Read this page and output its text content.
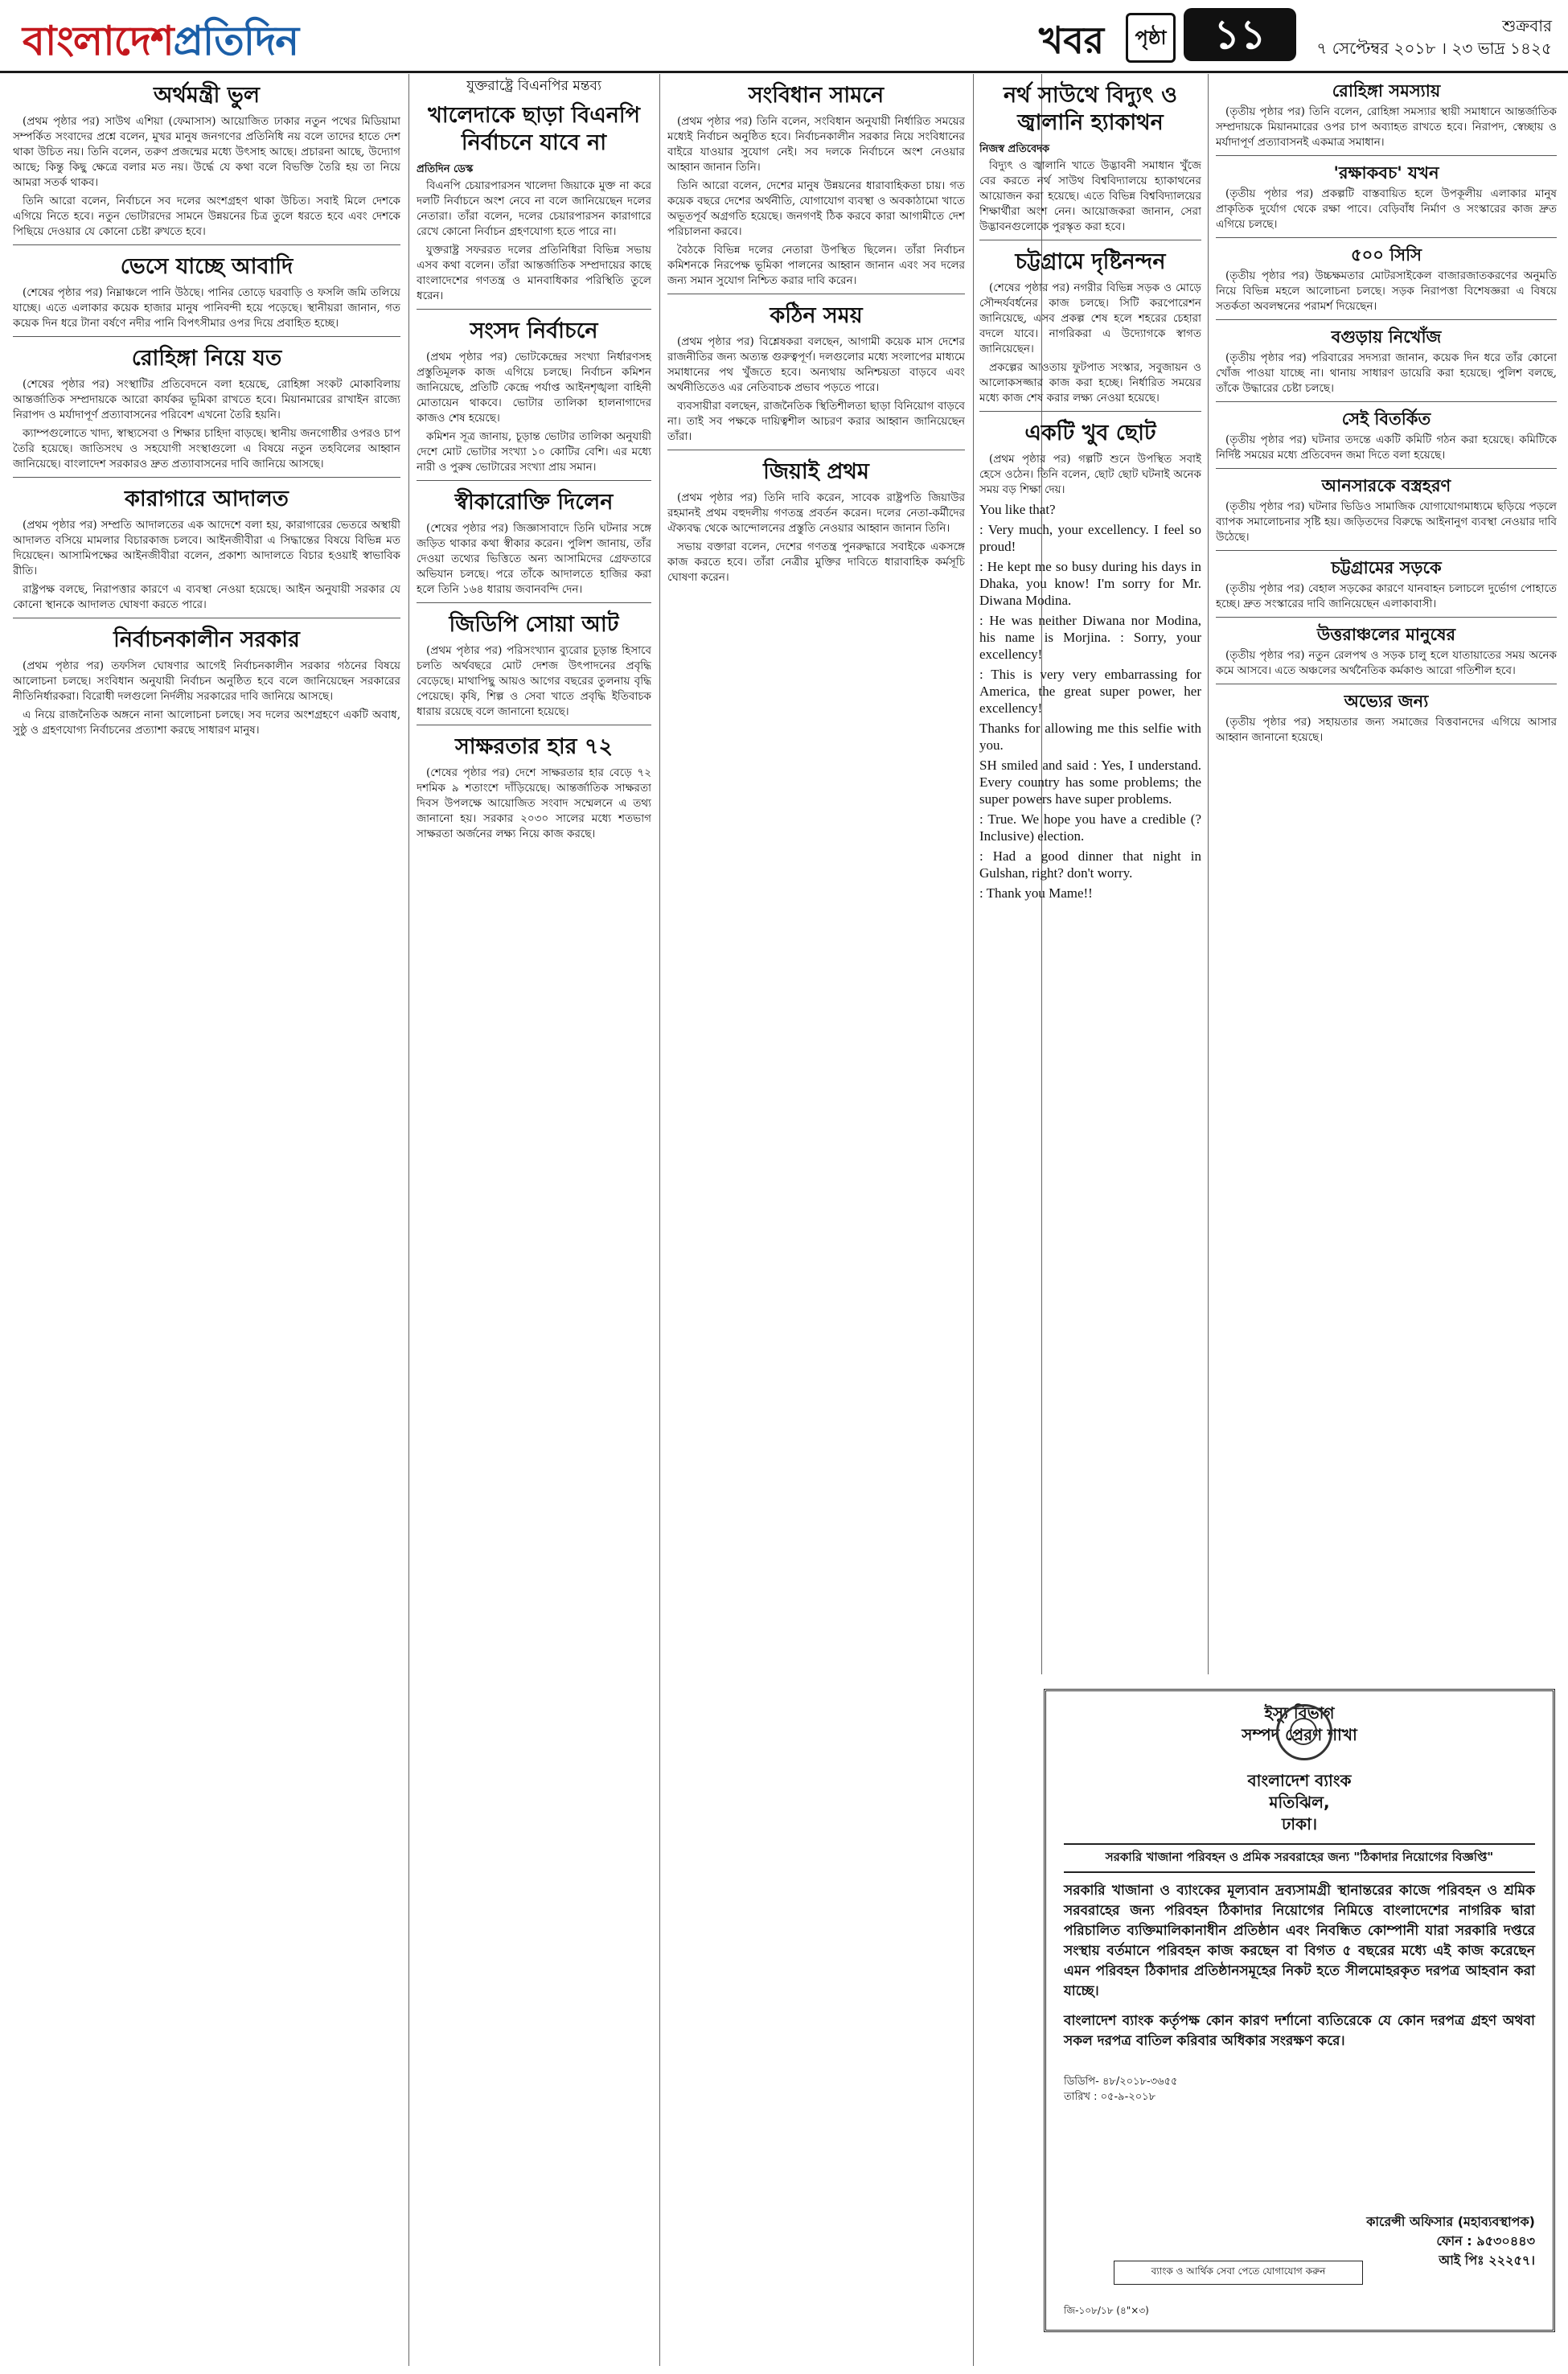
বাংলাদেশপ্রতিদিন	খবর	পৃষ্ঠা	১১	শুক্রবার
৭ সেপ্টেম্বর ২০১৮ । ২৩ ভাদ্র ১৪২৫
অর্থমন্ত্রী ভুল

(প্রথম পৃষ্ঠার পর) সাউথ এশিয়া (ফেমাসাস) আয়োজিত ঢাকার নতুন পথের মিডিয়ামা সম্পর্কিত সংবাদের প্রশ্নে বলেন, মুখর মানুষ জনগণের প্রতিনিধি নয় বলে তাদের হাতে দেশ থাকা উচিত নয়। তিনি বলেন, তরুণ প্রজন্মের মধ্যে উৎসাহ আছে। প্রচারনা আছে, উদ্যোগ আছে; কিন্তু কিছু ক্ষেত্রে বলার মত নয়। উর্দ্ধে যে কথা বলে বিভক্তি তৈরি হয় তা নিয়ে আমরা সতর্ক থাকব।

তিনি আরো বলেন, নির্বাচনে সব দলের অংশগ্রহণ থাকা উচিত। সবাই মিলে দেশকে এগিয়ে নিতে হবে। নতুন ভোটারদের সামনে উন্নয়নের চিত্র তুলে ধরতে হবে এবং দেশকে পিছিয়ে দেওয়ার যে কোনো চেষ্টা রুখতে হবে।

ভেসে যাচ্ছে আবাদি

(শেষের পৃষ্ঠার পর) নিম্নাঞ্চলে পানি উঠছে। পানির তোড়ে ঘরবাড়ি ও ফসলি জমি তলিয়ে যাচ্ছে। এতে এলাকার কয়েক হাজার মানুষ পানিবন্দী হয়ে পড়েছে। স্থানীয়রা জানান, গত কয়েক দিন ধরে টানা বর্ষণে নদীর পানি বিপৎসীমার ওপর দিয়ে প্রবাহিত হচ্ছে।

রোহিঙ্গা নিয়ে যত

(শেষের পৃষ্ঠার পর) সংস্থাটির প্রতিবেদনে বলা হয়েছে, রোহিঙ্গা সংকট মোকাবিলায় আন্তর্জাতিক সম্প্রদায়কে আরো কার্যকর ভূমিকা রাখতে হবে। মিয়ানমারের রাখাইন রাজ্যে নিরাপদ ও মর্যাদাপূর্ণ প্রত্যাবাসনের পরিবেশ এখনো তৈরি হয়নি।

ক্যাম্পগুলোতে খাদ্য, স্বাস্থ্যসেবা ও শিক্ষার চাহিদা বাড়ছে। স্থানীয় জনগোষ্ঠীর ওপরও চাপ তৈরি হয়েছে। জাতিসংঘ ও সহযোগী সংস্থাগুলো এ বিষয়ে নতুন তহবিলের আহ্বান জানিয়েছে। বাংলাদেশ সরকারও দ্রুত প্রত্যাবাসনের দাবি জানিয়ে আসছে।

কারাগারে আদালত

(প্রথম পৃষ্ঠার পর) সম্প্রতি আদালতের এক আদেশে বলা হয়, কারাগারের ভেতরে অস্থায়ী আদালত বসিয়ে মামলার বিচারকাজ চলবে। আইনজীবীরা এ সিদ্ধান্তের বিষয়ে বিভিন্ন মত দিয়েছেন। আসামিপক্ষের আইনজীবীরা বলেন, প্রকাশ্য আদালতে বিচার হওয়াই স্বাভাবিক রীতি।

রাষ্ট্রপক্ষ বলছে, নিরাপত্তার কারণে এ ব্যবস্থা নেওয়া হয়েছে। আইন অনুযায়ী সরকার যে কোনো স্থানকে আদালত ঘোষণা করতে পারে।

নির্বাচনকালীন সরকার

(প্রথম পৃষ্ঠার পর) তফসিল ঘোষণার আগেই নির্বাচনকালীন সরকার গঠনের বিষয়ে আলোচনা চলছে। সংবিধান অনুযায়ী নির্বাচন অনুষ্ঠিত হবে বলে জানিয়েছেন সরকারের নীতিনির্ধারকরা। বিরোধী দলগুলো নির্দলীয় সরকারের দাবি জানিয়ে আসছে।

এ নিয়ে রাজনৈতিক অঙ্গনে নানা আলোচনা চলছে। সব দলের অংশগ্রহণে একটি অবাধ, সুষ্ঠু ও গ্রহণযোগ্য নির্বাচনের প্রত্যাশা করছে সাধারণ মানুষ।

যুক্তরাষ্ট্রে বিএনপির মন্তব্য
খালেদাকে ছাড়া বিএনপি নির্বাচনে যাবে না
প্রতিদিন ডেস্ক

বিএনপি চেয়ারপারসন খালেদা জিয়াকে মুক্ত না করে দলটি নির্বাচনে অংশ নেবে না বলে জানিয়েছেন দলের নেতারা। তাঁরা বলেন, দলের চেয়ারপারসন কারাগারে রেখে কোনো নির্বাচন গ্রহণযোগ্য হতে পারে না।

যুক্তরাষ্ট্র সফররত দলের প্রতিনিধিরা বিভিন্ন সভায় এসব কথা বলেন। তাঁরা আন্তর্জাতিক সম্প্রদায়ের কাছে বাংলাদেশের গণতন্ত্র ও মানবাধিকার পরিস্থিতি তুলে ধরেন।

সংসদ নির্বাচনে

(প্রথম পৃষ্ঠার পর) ভোটকেন্দ্রের সংখ্যা নির্ধারণসহ প্রস্তুতিমূলক কাজ এগিয়ে চলছে। নির্বাচন কমিশন জানিয়েছে, প্রতিটি কেন্দ্রে পর্যাপ্ত আইনশৃঙ্খলা বাহিনী মোতায়েন থাকবে। ভোটার তালিকা হালনাগাদের কাজও শেষ হয়েছে।

কমিশন সূত্র জানায়, চূড়ান্ত ভোটার তালিকা অনুযায়ী দেশে মোট ভোটার সংখ্যা ১০ কোটির বেশি। এর মধ্যে নারী ও পুরুষ ভোটারের সংখ্যা প্রায় সমান।

স্বীকারোক্তি দিলেন

(শেষের পৃষ্ঠার পর) জিজ্ঞাসাবাদে তিনি ঘটনার সঙ্গে জড়িত থাকার কথা স্বীকার করেন। পুলিশ জানায়, তাঁর দেওয়া তথ্যের ভিত্তিতে অন্য আসামিদের গ্রেফতারে অভিযান চলছে। পরে তাঁকে আদালতে হাজির করা হলে তিনি ১৬৪ ধারায় জবানবন্দি দেন।

জিডিপি সোয়া আট

(প্রথম পৃষ্ঠার পর) পরিসংখ্যান ব্যুরোর চূড়ান্ত হিসাবে চলতি অর্থবছরে মোট দেশজ উৎপাদনের প্রবৃদ্ধি বেড়েছে। মাথাপিছু আয়ও আগের বছরের তুলনায় বৃদ্ধি পেয়েছে। কৃষি, শিল্প ও সেবা খাতে প্রবৃদ্ধি ইতিবাচক ধারায় রয়েছে বলে জানানো হয়েছে।

সাক্ষরতার হার ৭২

(শেষের পৃষ্ঠার পর) দেশে সাক্ষরতার হার বেড়ে ৭২ দশমিক ৯ শতাংশে দাঁড়িয়েছে। আন্তর্জাতিক সাক্ষরতা দিবস উপলক্ষে আয়োজিত সংবাদ সম্মেলনে এ তথ্য জানানো হয়। সরকার ২০৩০ সালের মধ্যে শতভাগ সাক্ষরতা অর্জনের লক্ষ্য নিয়ে কাজ করছে।

সংবিধান সামনে

(প্রথম পৃষ্ঠার পর) তিনি বলেন, সংবিধান অনুযায়ী নির্ধারিত সময়ের মধ্যেই নির্বাচন অনুষ্ঠিত হবে। নির্বাচনকালীন সরকার নিয়ে সংবিধানের বাইরে যাওয়ার সুযোগ নেই। সব দলকে নির্বাচনে অংশ নেওয়ার আহ্বান জানান তিনি।

তিনি আরো বলেন, দেশের মানুষ উন্নয়নের ধারাবাহিকতা চায়। গত কয়েক বছরে দেশের অর্থনীতি, যোগাযোগ ব্যবস্থা ও অবকাঠামো খাতে অভূতপূর্ব অগ্রগতি হয়েছে। জনগণই ঠিক করবে কারা আগামীতে দেশ পরিচালনা করবে।

বৈঠকে বিভিন্ন দলের নেতারা উপস্থিত ছিলেন। তাঁরা নির্বাচন কমিশনকে নিরপেক্ষ ভূমিকা পালনের আহ্বান জানান এবং সব দলের জন্য সমান সুযোগ নিশ্চিত করার দাবি করেন।

কঠিন সময়

(প্রথম পৃষ্ঠার পর) বিশ্লেষকরা বলছেন, আগামী কয়েক মাস দেশের রাজনীতির জন্য অত্যন্ত গুরুত্বপূর্ণ। দলগুলোর মধ্যে সংলাপের মাধ্যমে সমাধানের পথ খুঁজতে হবে। অন্যথায় অনিশ্চয়তা বাড়বে এবং অর্থনীতিতেও এর নেতিবাচক প্রভাব পড়তে পারে।

ব্যবসায়ীরা বলছেন, রাজনৈতিক স্থিতিশীলতা ছাড়া বিনিয়োগ বাড়বে না। তাই সব পক্ষকে দায়িত্বশীল আচরণ করার আহ্বান জানিয়েছেন তাঁরা।

জিয়াই প্রথম

(প্রথম পৃষ্ঠার পর) তিনি দাবি করেন, সাবেক রাষ্ট্রপতি জিয়াউর রহমানই প্রথম বহুদলীয় গণতন্ত্র প্রবর্তন করেন। দলের নেতা-কর্মীদের ঐক্যবদ্ধ থেকে আন্দোলনের প্রস্তুতি নেওয়ার আহ্বান জানান তিনি।

সভায় বক্তারা বলেন, দেশের গণতন্ত্র পুনরুদ্ধারে সবাইকে একসঙ্গে কাজ করতে হবে। তাঁরা নেত্রীর মুক্তির দাবিতে ধারাবাহিক কর্মসূচি ঘোষণা করেন।

নর্থ সাউথে বিদ্যুৎ ও জ্বালানি হ্যাকাথন
নিজস্ব প্রতিবেদক

বিদ্যুৎ ও জ্বালানি খাতে উদ্ভাবনী সমাধান খুঁজে বের করতে নর্থ সাউথ বিশ্ববিদ্যালয়ে হ্যাকাথনের আয়োজন করা হয়েছে। এতে বিভিন্ন বিশ্ববিদ্যালয়ের শিক্ষার্থীরা অংশ নেন। আয়োজকরা জানান, সেরা উদ্ভাবনগুলোকে পুরস্কৃত করা হবে।

চট্টগ্রামে দৃষ্টিনন্দন

(শেষের পৃষ্ঠার পর) নগরীর বিভিন্ন সড়ক ও মোড়ে সৌন্দর্যবর্ধনের কাজ চলছে। সিটি করপোরেশন জানিয়েছে, এসব প্রকল্প শেষ হলে শহরের চেহারা বদলে যাবে। নাগরিকরা এ উদ্যোগকে স্বাগত জানিয়েছেন।

প্রকল্পের আওতায় ফুটপাত সংস্কার, সবুজায়ন ও আলোকসজ্জার কাজ করা হচ্ছে। নির্ধারিত সময়ের মধ্যে কাজ শেষ করার লক্ষ্য নেওয়া হয়েছে।

একটি খুব ছোট

(প্রথম পৃষ্ঠার পর) গল্পটি শুনে উপস্থিত সবাই হেসে ওঠেন। তিনি বলেন, ছোট ছোট ঘটনাই অনেক সময় বড় শিক্ষা দেয়।

You like that?

: Very much, your excellency. I feel so proud!

: He kept me so busy during his days in Dhaka, you know! I'm sorry for Mr. Diwana Modina.

: He was neither Diwana nor Modina, his name is Morjina. : Sorry, your excellency!

: This is very very embarrassing for America, the great super power, her excellency!

Thanks for allowing me this selfie with you.

SH smiled and said : Yes, I understand. Every country has some problems; the super powers have super problems.

: True. We hope you have a credible (?Inclusive) election.

: Had a good dinner that night in Gulshan, right? don't worry.

: Thank you Mame!!

রোহিঙ্গা সমস্যায়

(তৃতীয় পৃষ্ঠার পর) তিনি বলেন, রোহিঙ্গা সমস্যার স্থায়ী সমাধানে আন্তর্জাতিক সম্প্রদায়কে মিয়ানমারের ওপর চাপ অব্যাহত রাখতে হবে। নিরাপদ, স্বেচ্ছায় ও মর্যাদাপূর্ণ প্রত্যাবাসনই একমাত্র সমাধান।

'রক্ষাকবচ' যখন

(তৃতীয় পৃষ্ঠার পর) প্রকল্পটি বাস্তবায়িত হলে উপকূলীয় এলাকার মানুষ প্রাকৃতিক দুর্যোগ থেকে রক্ষা পাবে। বেড়িবাঁধ নির্মাণ ও সংস্কারের কাজ দ্রুত এগিয়ে চলছে।

৫০০ সিসি

(তৃতীয় পৃষ্ঠার পর) উচ্চক্ষমতার মোটরসাইকেল বাজারজাতকরণের অনুমতি নিয়ে বিভিন্ন মহলে আলোচনা চলছে। সড়ক নিরাপত্তা বিশেষজ্ঞরা এ বিষয়ে সতর্কতা অবলম্বনের পরামর্শ দিয়েছেন।

বগুড়ায় নিখোঁজ

(তৃতীয় পৃষ্ঠার পর) পরিবারের সদস্যরা জানান, কয়েক দিন ধরে তাঁর কোনো খোঁজ পাওয়া যাচ্ছে না। থানায় সাধারণ ডায়েরি করা হয়েছে। পুলিশ বলছে, তাঁকে উদ্ধারের চেষ্টা চলছে।

সেই বিতর্কিত

(তৃতীয় পৃষ্ঠার পর) ঘটনার তদন্তে একটি কমিটি গঠন করা হয়েছে। কমিটিকে নির্দিষ্ট সময়ের মধ্যে প্রতিবেদন জমা দিতে বলা হয়েছে।

আনসারকে বস্ত্রহরণ

(তৃতীয় পৃষ্ঠার পর) ঘটনার ভিডিও সামাজিক যোগাযোগমাধ্যমে ছড়িয়ে পড়লে ব্যাপক সমালোচনার সৃষ্টি হয়। জড়িতদের বিরুদ্ধে আইনানুগ ব্যবস্থা নেওয়ার দাবি উঠেছে।

চট্টগ্রামের সড়কে

(তৃতীয় পৃষ্ঠার পর) বেহাল সড়কের কারণে যানবাহন চলাচলে দুর্ভোগ পোহাতে হচ্ছে। দ্রুত সংস্কারের দাবি জানিয়েছেন এলাকাবাসী।

উত্তরাঞ্চলের মানুষের

(তৃতীয় পৃষ্ঠার পর) নতুন রেলপথ ও সড়ক চালু হলে যাতায়াতের সময় অনেক কমে আসবে। এতে অঞ্চলের অর্থনৈতিক কর্মকাণ্ড আরো গতিশীল হবে।

অভ্যের জন্য

(তৃতীয় পৃষ্ঠার পর) সহায়তার জন্য সমাজের বিত্তবানদের এগিয়ে আসার আহ্বান জানানো হয়েছে।

ইস্যু বিভাগ
সম্পদ প্রেরণ শাখা
বাংলাদেশ ব্যাংক
মতিঝিল,
ঢাকা।
সরকারি খাজানা পরিবহন ও প্রমিক সরবরাহের জন্য "ঠিকাদার নিয়োগের বিজ্ঞপ্তি"
সরকারি খাজানা ও ব্যাংকের মূল্যবান দ্রব্যসামগ্রী স্থানান্তরের কাজে পরিবহন ও শ্রমিক সরবরাহের জন্য পরিবহন ঠিকাদার নিয়োগের নিমিত্তে বাংলাদেশের নাগরিক দ্বারা পরিচালিত ব্যক্তিমালিকানাধীন প্রতিষ্ঠান এবং নিবন্ধিত কোম্পানী যারা সরকারি দপ্তরে সংস্থায় বর্তমানে পরিবহন কাজ করছেন বা বিগত ৫ বছরের মধ্যে এই কাজ করেছেন এমন পরিবহন ঠিকাদার প্রতিষ্ঠানসমূহের নিকট হতে সীলমোহরকৃত দরপত্র আহবান করা যাচ্ছে।
বাংলাদেশ ব্যাংক কর্তৃপক্ষ কোন কারণ দর্শানো ব্যতিরেকে যে কোন দরপত্র গ্রহণ অথবা সকল দরপত্র বাতিল করিবার অধিকার সংরক্ষণ করে।
ডিডিপি- ৪৮/২০১৮-৩৬৫৫
তারিখ : ০৫-৯-২০১৮
কারেন্সী অফিসার (মহাব্যবস্থাপক)
ফোন : ৯৫৩০৪৪৩
আই পিঃ ২২২৫৭।
ব্যাংক ও আর্থিক সেবা পেতে যোগাযোগ করুন
জি-১০৮/১৮ (৪"×৩)
